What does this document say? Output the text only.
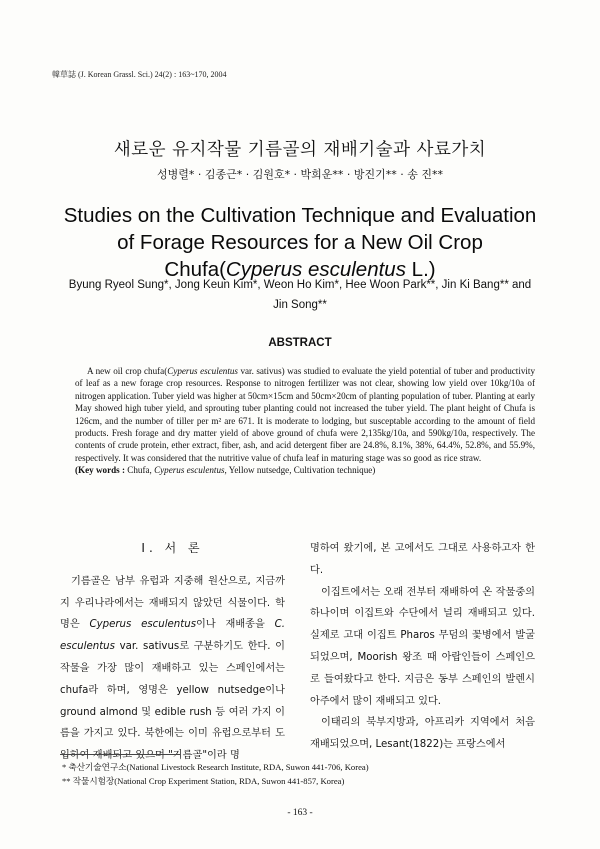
韓草誌 (J. Korean Grassl. Sci.) 24(2) : 163~170, 2004
새로운 유지작물 기름골의 재배기술과 사료가치
성병렬* · 김종근* · 김원호* · 박희운** · 방진기** · 송 진**
Studies on the Cultivation Technique and Evaluation of Forage Resources for a New Oil Crop Chufa(Cyperus esculentus L.)
Byung Ryeol Sung*, Jong Keun Kim*, Weon Ho Kim*, Hee Woon Park**, Jin Ki Bang** and Jin Song**
ABSTRACT

A new oil crop chufa(Cyperus esculentus var. sativus) was studied to evaluate the yield potential of tuber and productivity of leaf as a new forage crop resources. Response to nitrogen fertilizer was not clear, showing low yield over 10kg/10a of nitrogen application. Tuber yield was higher at 50cm×15cm and 50cm×20cm of planting population of tuber. Planting at early May showed high tuber yield, and sprouting tuber planting could not increased the tuber yield. The plant height of Chufa is 126cm, and the number of tiller per m² are 671. It is moderate to lodging, but susceptable according to the amount of field products. Fresh forage and dry matter yield of above ground of chufa were 2,135kg/10a, and 590kg/10a, respectively. The contents of crude protein, ether extract, fiber, ash, and acid detergent fiber are 24.8%, 8.1%, 38%, 64.4%, 52.8%, and 55.9%, respectively. It was considered that the nutritive value of chufa leaf in maturing stage was so good as rice straw.

(Key words : Chufa, Cyperus esculentus, Yellow nutsedge, Cultivation technique)
Ⅰ. 서 론

기름골은 남부 유럽과 지중해 원산으로, 지금까지 우리나라에서는 재배되지 않았던 식물이다. 학명은 Cyperus esculentus이나 재배종을 C. esculentus var. sativus로 구분하기도 한다. 이 작물을 가장 많이 재배하고 있는 스페인에서는 chufa라 하며, 영명은 yellow nutsedge이나 ground almond 및 edible rush 등 여러 가지 이름을 가지고 있다. 북한에는 이미 유럽으로부터 도입하여 재배되고 있으며 "기름골"이라 명

명하여 왔기에, 본 고에서도 그대로 사용하고자 한다.

이집트에서는 오래 전부터 재배하여 온 작물중의 하나이며 이집트와 수단에서 널리 재배되고 있다. 실제로 고대 이집트 Pharos 무덤의 꽃병에서 발굴되었으며, Moorish 왕조 때 아랍인들이 스페인으로 들여왔다고 한다. 지금은 동부 스페인의 발렌시아주에서 많이 재배되고 있다.

이태리의 북부지방과, 아프리카 지역에서 처음 재배되었으며, Lesant(1822)는 프랑스에서

* 축산기술연구소(National Livestock Research Institute, RDA, Suwon 441-706, Korea)
** 작물시험장(National Crop Experiment Station, RDA, Suwon 441-857, Korea)
- 163 -
